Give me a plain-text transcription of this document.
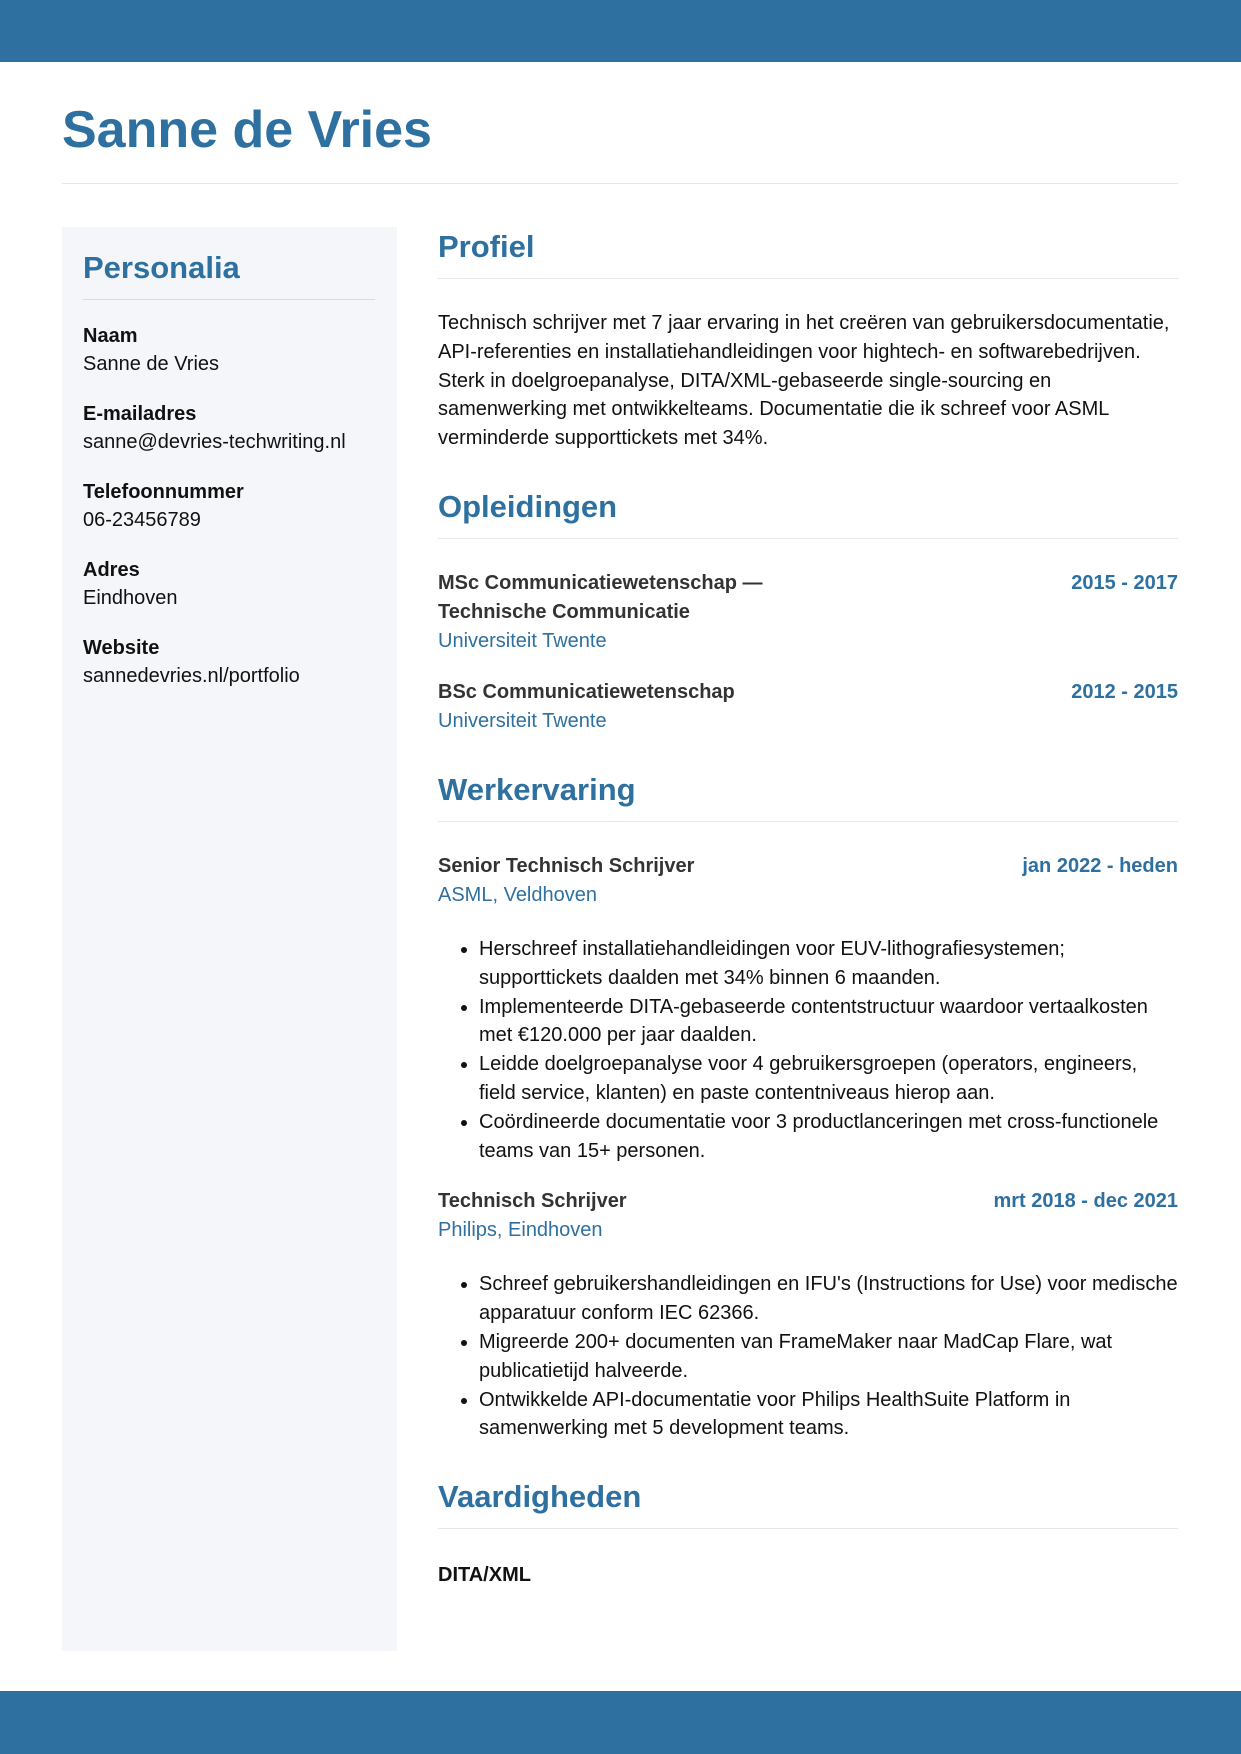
Sanne de Vries
Personalia
Naam
Sanne de Vries
E-mailadres
sanne@devries-techwriting.nl
Telefoonnummer
06-23456789
Adres
Eindhoven
Website
sannedevries.nl/portfolio
Profiel

Technisch schrijver met 7 jaar ervaring in het creëren van gebruikersdocumentatie, API-referenties en installatiehandleidingen voor hightech- en softwarebedrijven. Sterk in doelgroepanalyse, DITA/XML-gebaseerde single-sourcing en samenwerking met ontwikkelteams. Documentatie die ik schreef voor ASML verminderde supporttickets met 34%.

Opleidingen
MSc Communicatiewetenschap — Technische Communicatie
2015 - 2017
Universiteit Twente
BSc Communicatiewetenschap	2012 - 2015
Universiteit Twente
Werkervaring
Senior Technisch Schrijver	jan 2022 - heden
ASML, Veldhoven
• Herschreef installatiehandleidingen voor EUV-lithografiesystemen; supporttickets daalden met 34% binnen 6 maanden.
• Implementeerde DITA-gebaseerde contentstructuur waardoor vertaalkosten met €120.000 per jaar daalden.
• Leidde doelgroepanalyse voor 4 gebruikersgroepen (operators, engineers, field service, klanten) en paste contentniveaus hierop aan.
• Coördineerde documentatie voor 3 productlanceringen met cross-functionele teams van 15+ personen.
Technisch Schrijver	mrt 2018 - dec 2021
Philips, Eindhoven
• Schreef gebruikershandleidingen en IFU's (Instructions for Use) voor medische apparatuur conform IEC 62366.
• Migreerde 200+ documenten van FrameMaker naar MadCap Flare, wat publicatietijd halveerde.
• Ontwikkelde API-documentatie voor Philips HealthSuite Platform in samenwerking met 5 development teams.
Vaardigheden
DITA/XML
